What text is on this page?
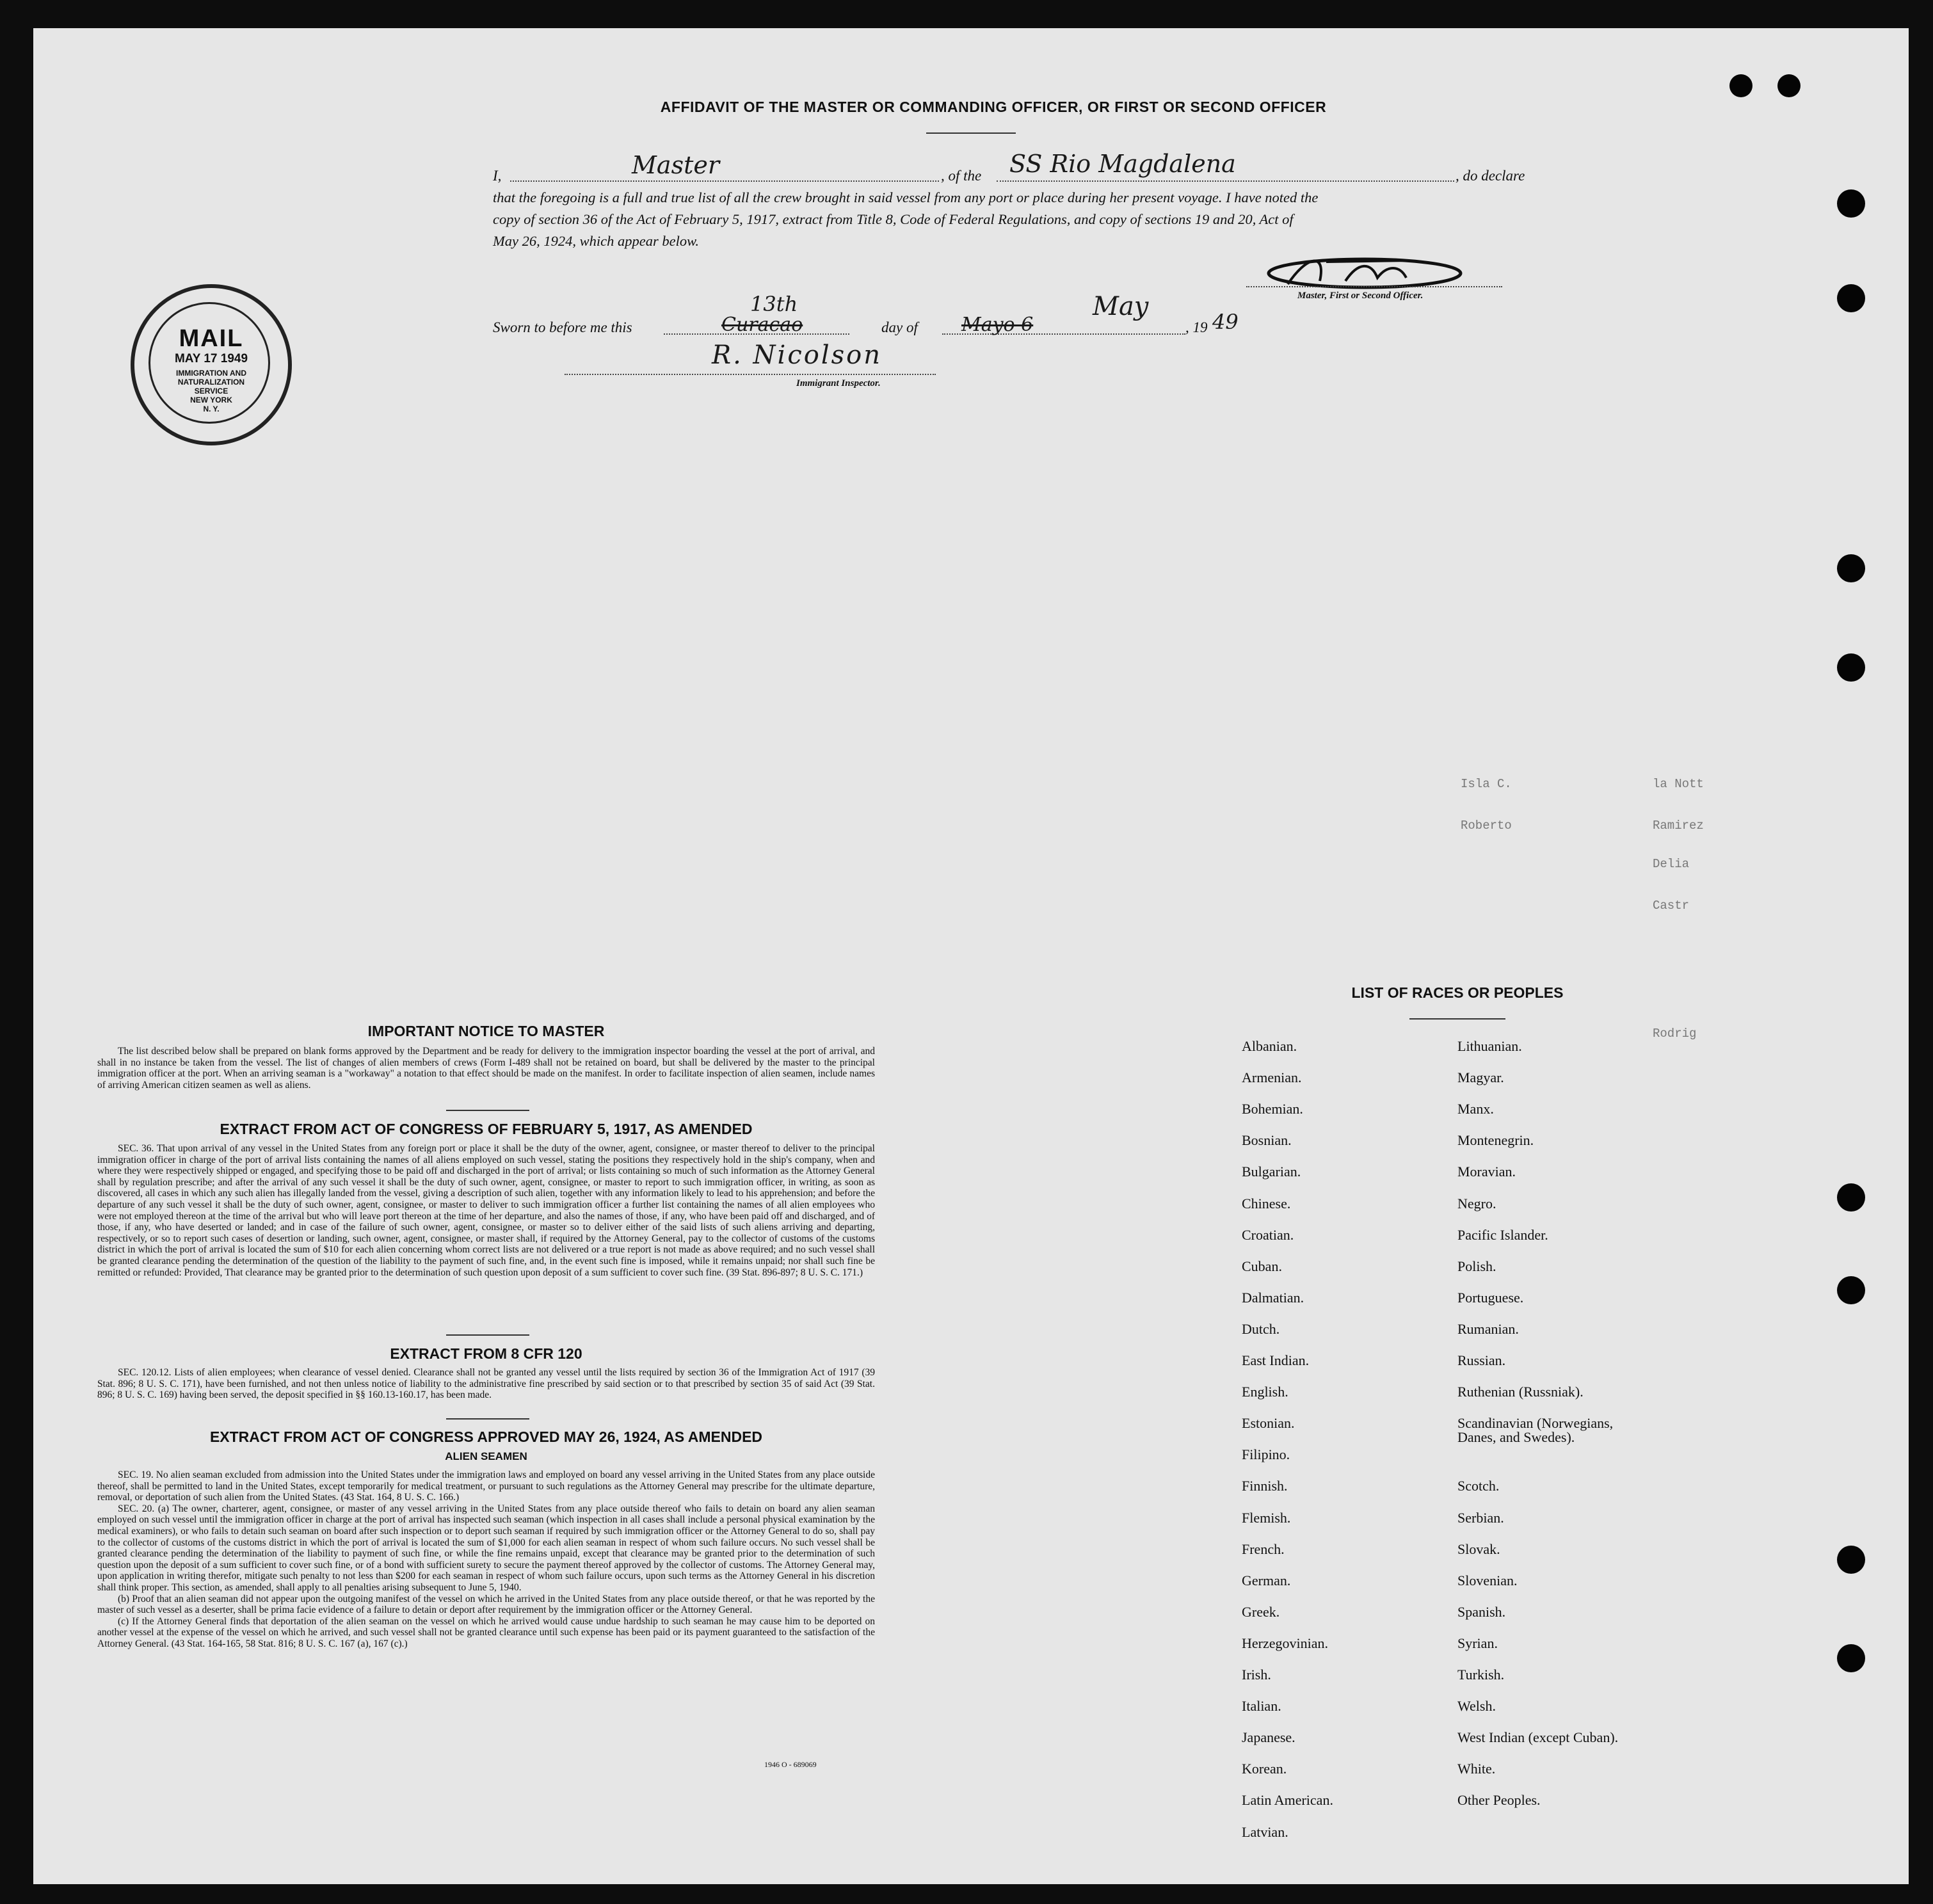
AFFIDAVIT OF THE MASTER OR COMMANDING OFFICER, OR FIRST OR SECOND OFFICER
I,	Master	, of the SS Rio Magdalena	, do declare
that the foregoing is a full and true list of all the crew brought in said vessel from any port or place during her present voyage. I have noted the
copy of section 36 of the Act of February 5, 1917, extract from Title 8, Code of Federal Regulations, and copy of sections 19 and 20, Act of
May 26, 1924, which appear below.
Master, First or Second Officer.
Sworn to before me this
13th
Curacao	day of Mayo 6
May
, 19 49
R. Nicolson
Immigrant Inspector.
MAIL
MAY 17 1949
IMMIGRATION AND
NATURALIZATION
SERVICE
NEW YORK
N. Y.
la Nott
Isla C.
Ramirez
Roberto
Delia
Castr
Rodrig
IMPORTANT NOTICE TO MASTER

The list described below shall be prepared on blank forms approved by the Department and be ready for delivery to the immigration inspector boarding the vessel at the port of arrival, and shall in no instance be taken from the vessel. The list of changes of alien members of crews (Form I-489 shall not be retained on board, but shall be delivered by the master to the principal immigration officer at the port. When an arriving seaman is a "workaway" a notation to that effect should be made on the manifest. In order to facilitate inspection of alien seamen, include names of arriving American citizen seamen as well as aliens.

EXTRACT FROM ACT OF CONGRESS OF FEBRUARY 5, 1917, AS AMENDED

SEC. 36. That upon arrival of any vessel in the United States from any foreign port or place it shall be the duty of the owner, agent, consignee, or master thereof to deliver to the principal immigration officer in charge of the port of arrival lists containing the names of all aliens employed on such vessel, stating the positions they respectively hold in the ship's company, when and where they were respectively shipped or engaged, and specifying those to be paid off and discharged in the port of arrival; or lists containing so much of such information as the Attorney General shall by regulation prescribe; and after the arrival of any such vessel it shall be the duty of such owner, agent, consignee, or master to report to such immigration officer, in writing, as soon as discovered, all cases in which any such alien has illegally landed from the vessel, giving a description of such alien, together with any information likely to lead to his apprehension; and before the departure of any such vessel it shall be the duty of such owner, agent, consignee, or master to deliver to such immigration officer a further list containing the names of all alien employees who were not employed thereon at the time of the arrival but who will leave port thereon at the time of her departure, and also the names of those, if any, who have been paid off and discharged, and of those, if any, who have deserted or landed; and in case of the failure of such owner, agent, consignee, or master so to deliver either of the said lists of such aliens arriving and departing, respectively, or so to report such cases of desertion or landing, such owner, agent, consignee, or master shall, if required by the Attorney General, pay to the collector of customs of the customs district in which the port of arrival is located the sum of $10 for each alien concerning whom correct lists are not delivered or a true report is not made as above required; and no such vessel shall be granted clearance pending the determination of the question of the liability to the payment of such fine, and, in the event such fine is imposed, while it remains unpaid; nor shall such fine be remitted or refunded: Provided, That clearance may be granted prior to the determination of such question upon deposit of a sum sufficient to cover such fine. (39 Stat. 896-897; 8 U. S. C. 171.)

EXTRACT FROM 8 CFR 120

SEC. 120.12. Lists of alien employees; when clearance of vessel denied. Clearance shall not be granted any vessel until the lists required by section 36 of the Immigration Act of 1917 (39 Stat. 896; 8 U. S. C. 171), have been furnished, and not then unless notice of liability to the administrative fine prescribed by said section or to that prescribed by section 35 of said Act (39 Stat. 896; 8 U. S. C. 169) having been served, the deposit specified in §§ 160.13-160.17, has been made.

EXTRACT FROM ACT OF CONGRESS APPROVED MAY 26, 1924, AS AMENDED
ALIEN SEAMEN

SEC. 19. No alien seaman excluded from admission into the United States under the immigration laws and employed on board any vessel arriving in the United States from any place outside thereof, shall be permitted to land in the United States, except temporarily for medical treatment, or pursuant to such regulations as the Attorney General may prescribe for the ultimate departure, removal, or deportation of such alien from the United States. (43 Stat. 164, 8 U. S. C. 166.)

SEC. 20. (a) The owner, charterer, agent, consignee, or master of any vessel arriving in the United States from any place outside thereof who fails to detain on board any alien seaman employed on such vessel until the immigration officer in charge at the port of arrival has inspected such seaman (which inspection in all cases shall include a personal physical examination by the medical examiners), or who fails to detain such seaman on board after such inspection or to deport such seaman if required by such immigration officer or the Attorney General to do so, shall pay to the collector of customs of the customs district in which the port of arrival is located the sum of $1,000 for each alien seaman in respect of whom such failure occurs. No such vessel shall be granted clearance pending the determination of the liability to payment of such fine, or while the fine remains unpaid, except that clearance may be granted prior to the determination of such question upon the deposit of a sum sufficient to cover such fine, or of a bond with sufficient surety to secure the payment thereof approved by the collector of customs. The Attorney General may, upon application in writing therefor, mitigate such penalty to not less than $200 for each seaman in respect of whom such failure occurs, upon such terms as the Attorney General in his discretion shall think proper. This section, as amended, shall apply to all penalties arising subsequent to June 5, 1940.

(b) Proof that an alien seaman did not appear upon the outgoing manifest of the vessel on which he arrived in the United States from any place outside thereof, or that he was reported by the master of such vessel as a deserter, shall be prima facie evidence of a failure to detain or deport after requirement by the immigration officer or the Attorney General.

(c) If the Attorney General finds that deportation of the alien seaman on the vessel on which he arrived would cause undue hardship to such seaman he may cause him to be deported on another vessel at the expense of the vessel on which he arrived, and such vessel shall not be granted clearance until such expense has been paid or its payment guaranteed to the satisfaction of the Attorney General. (43 Stat. 164-165, 58 Stat. 816; 8 U. S. C. 167 (a), 167 (c).)

1946 O - 689069
LIST OF RACES OR PEOPLES
Albanian.
Armenian.
Bohemian.
Bosnian.
Bulgarian.
Chinese.
Croatian.
Cuban.
Dalmatian.
Dutch.
East Indian.
English.
Estonian.
Filipino.
Finnish.
Flemish.
French.
German.
Greek.
Herzegovinian.
Irish.
Italian.
Japanese.
Korean.
Latin American.
Latvian.
Lithuanian.
Magyar.
Manx.
Montenegrin.
Moravian.
Negro.
Pacific Islander.
Polish.
Portuguese.
Rumanian.
Russian.
Ruthenian (Russniak).
Scandinavian (Norwegians,
Danes, and Swedes).
Scotch.
Serbian.
Slovak.
Slovenian.
Spanish.
Syrian.
Turkish.
Welsh.
West Indian (except Cuban).
White.
Other Peoples.
